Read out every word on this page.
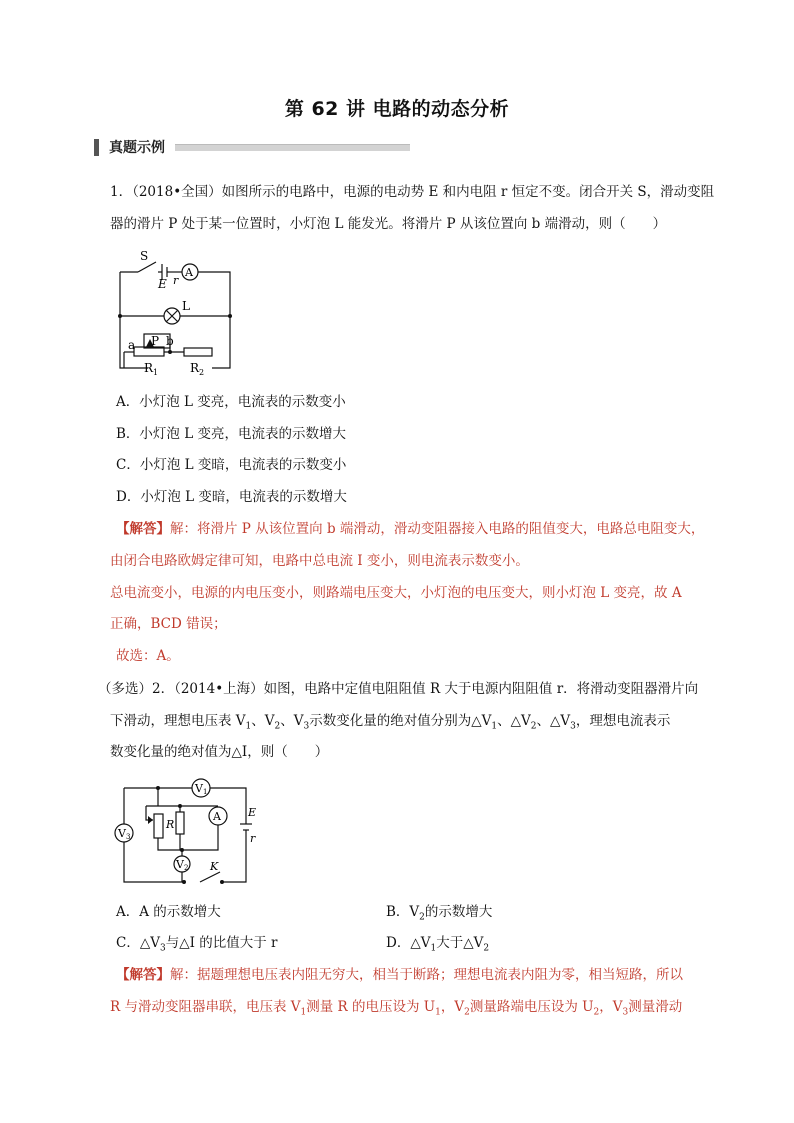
第 62 讲 电路的动态分析
真题示例
1．（2018•全国）如图所示的电路中，电源的电动势 E 和内电阻 r 恒定不变。闭合开关 S，滑动变阻
器的滑片 P 处于某一位置时，小灯泡 L 能发光。将滑片 P 从该位置向 b 端滑动，则（　　）
S
E r
A
L
P
a	b
$R_1$	$R_2$
A．小灯泡 L 变亮，电流表的示数变小
B．小灯泡 L 变亮，电流表的示数增大
C．小灯泡 L 变暗，电流表的示数变小
D．小灯泡 L 变暗，电流表的示数增大
【解答】解：将滑片 P 从该位置向 b 端滑动，滑动变阻器接入电路的阻值变大，电路总电阻变大，
由闭合电路欧姆定律可知，电路中总电流 I 变小，则电流表示数变小。
总电流变小，电源的内电压变小，则路端电压变大，小灯泡的电压变大，则小灯泡 L 变亮，故 A
正确，BCD 错误；
故选：A。
（多选）2．（2014•上海）如图，电路中定值电阻阻值 R 大于电源内阻阻值 r．将滑动变阻器滑片向
下滑动，理想电压表 $V_1$、$V_2$、$V_3$示数变化量的绝对值分别为$\triangle V_1$、$\triangle V_2$、$\triangle V_3$，理想电流表示
数变化量的绝对值为△I，则（　　）
V3
V1
V2
R
A E
r
K
A．A 的示数增大	B．$V_2$的示数增大
C．$\triangle V_3$与△I 的比值大于 r	D．$\triangle V_1$大于$\triangle V_2$
【解答】解：据题理想电压表内阻无穷大，相当于断路；理想电流表内阻为零，相当短路，所以
R 与滑动变阻器串联，电压表 $V_1$测量 R 的电压设为 $U_1$，$V_2$测量路端电压设为 $U_2$，$V_3$测量滑动
